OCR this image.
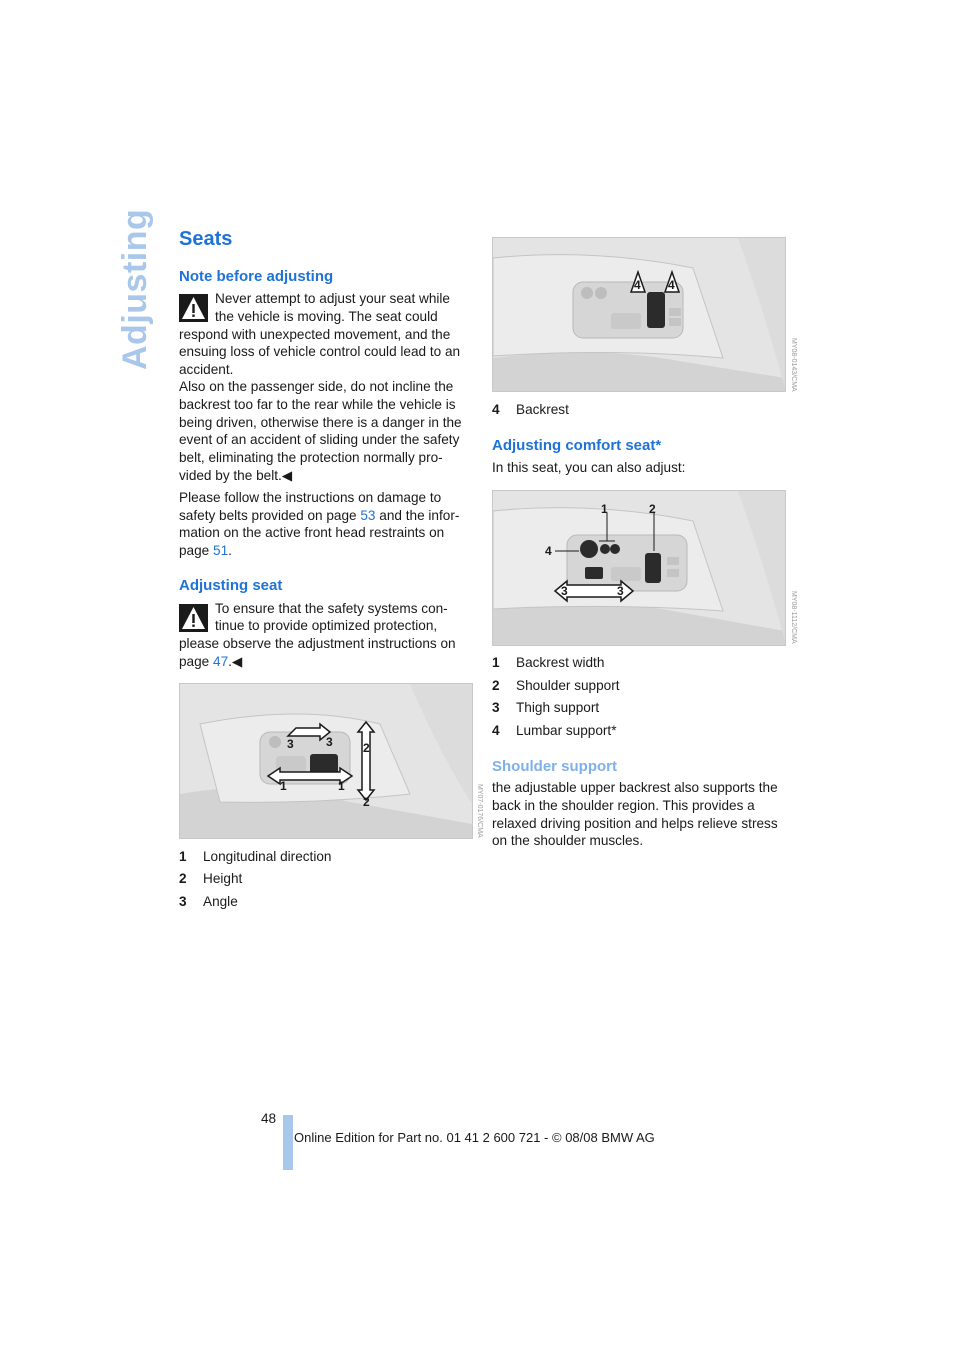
Adjusting Seats
Note before adjusting
Never attempt to adjust your seat while
the vehicle is moving. The seat could
respond with unexpected movement, and the
ensuing loss of vehicle control could lead to an
accident.
Also on the passenger side, do not incline the
backrest too far to the rear while the vehicle is
being driven, otherwise there is a danger in the
event of an accident of sliding under the safety
belt, eliminating the protection normally pro-
vided by the belt.◀
Please follow the instructions on damage to
safety belts provided on page 53 and the infor-
mation on the active front head restraints on
page 51.
Adjusting seat
To ensure that the safety systems con-
tinue to provide optimized protection,
please observe the adjustment instructions on
page 47.◀
3	3	2
2
1	1	MY07-0176/CMA
1 Longitudinal direction
2 Height
3 Angle
4 4
MY08-0143/CMA
4 Backrest
Adjusting comfort seat*
In this seat, you can also adjust:
1	2
3	3
4
MY08-1112/CMA
1 Backrest width
2 Shoulder support
3 Thigh support
4 Lumbar support*
Shoulder support
the adjustable upper backrest also supports the
back in the shoulder region. This provides a
relaxed driving position and helps relieve stress
on the shoulder muscles.
48
Online Edition for Part no. 01 41 2 600 721 - © 08/08 BMW AG
